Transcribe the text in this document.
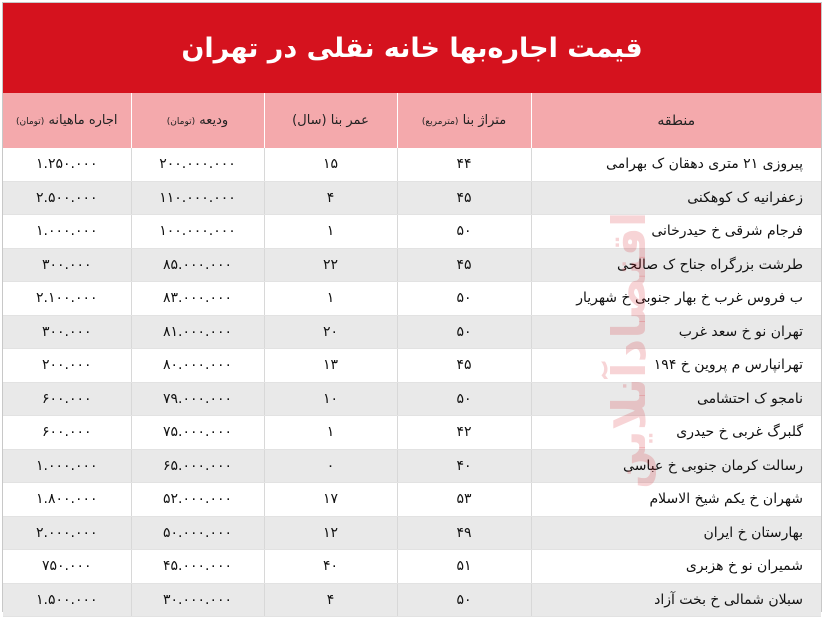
قیمت اجاره‌بها خانه نقلی در تهران
منطقه	متراژ بنا (مترمربع)	عمر بنا (سال)	ودیعه (تومان)	اجاره ماهیانه (تومان)
پیروزی ۲۱ متری دهقان ک بهرامی	۴۴	۱۵	۲۰۰.۰۰۰.۰۰۰	۱.۲۵۰.۰۰۰
زعفرانیه ک کوهکنی	۴۵	۴	۱۱۰.۰۰۰.۰۰۰	۲.۵۰۰.۰۰۰
فرجام شرقی خ حیدرخانی	۵۰	۱	۱۰۰.۰۰۰.۰۰۰	۱.۰۰۰.۰۰۰
طرشت بزرگراه جناح ک صالحی	۴۵	۲۲	۸۵.۰۰۰.۰۰۰	۳۰۰.۰۰۰
ب فروس غرب خ بهار جنوبی خ شهریار	۵۰	۱	۸۳.۰۰۰.۰۰۰	۲.۱۰۰.۰۰۰
تهران نو خ سعد غرب	۵۰	۲۰	۸۱.۰۰۰.۰۰۰	۳۰۰.۰۰۰
تهرانپارس م پروین خ ۱۹۴	۴۵	۱۳	۸۰.۰۰۰.۰۰۰	۲۰۰.۰۰۰
نامجو ک احتشامی	۵۰	۱۰	۷۹.۰۰۰.۰۰۰	۶۰۰.۰۰۰
گلبرگ غربی خ حیدری	۴۲	۱	۷۵.۰۰۰.۰۰۰	۶۰۰.۰۰۰
رسالت کرمان جنوبی خ عباسی	۴۰	۰	۶۵.۰۰۰.۰۰۰	۱.۰۰۰.۰۰۰
شهران خ یکم شیخ الاسلام	۵۳	۱۷	۵۲.۰۰۰.۰۰۰	۱.۸۰۰.۰۰۰
بهارستان خ ایران	۴۹	۱۲	۵۰.۰۰۰.۰۰۰	۲.۰۰۰.۰۰۰
شمیران نو خ هزبری	۵۱	۴۰	۴۵.۰۰۰.۰۰۰	۷۵۰.۰۰۰
سبلان شمالی خ بخت آزاد	۵۰	۴	۳۰.۰۰۰.۰۰۰	۱.۵۰۰.۰۰۰
اقتصادآنلاین
